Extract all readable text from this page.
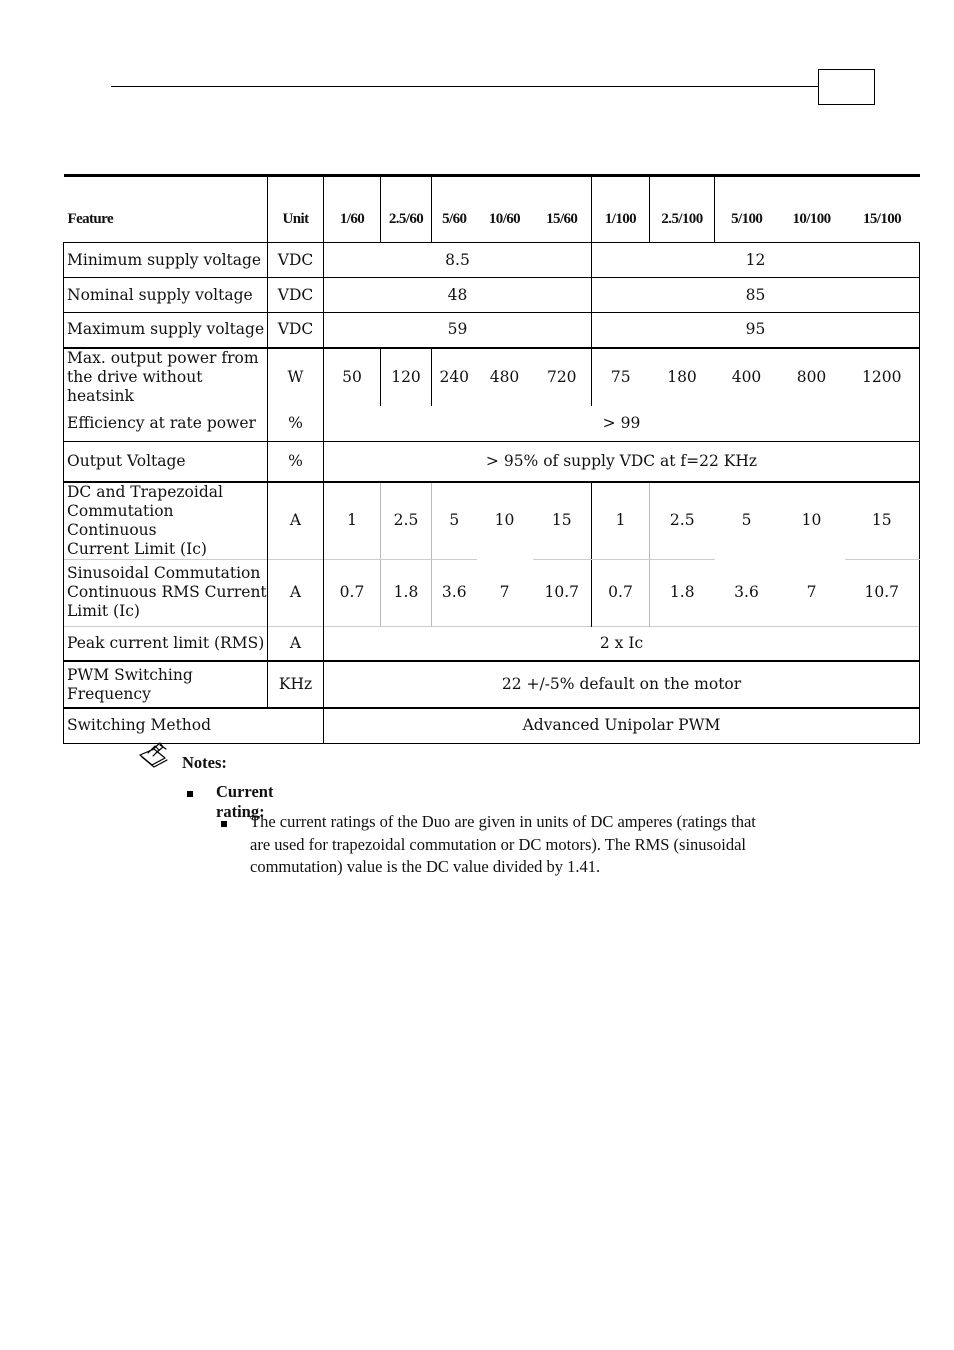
Feature	Unit	1/60	2.5/60	5/60	10/60	15/60	1/100	2.5/100	5/100	10/100	15/100
Minimum supply voltage	VDC	8.5					12				
Nominal supply voltage	VDC	48					85				
Maximum supply voltage	VDC	59					95				
Max. output power from
the drive without heatsink	W	50	120	240	480	720	75	180	400	800	1200
Efficiency at rate power	%	> 99									
Output Voltage	%	> 95% of supply VDC at f=22 KHz									
DC and Trapezoidal
Commutation Continuous
Current Limit (Ic)	A	1	2.5	5	10	15	1	2.5	5	10	15
Sinusoidal Commutation
Continuous RMS Current
Limit (Ic)	A	0.7	1.8	3.6	7	10.7	0.7	1.8	3.6	7	10.7
Peak current limit (RMS)	A	2 x Ic									
PWM Switching
Frequency	KHz	22 +/-5% default on the motor									
Switching Method		Advanced Unipolar PWM									
Notes:
Current rating:
The current ratings of the Duo are given in units of DC amperes (ratings that
are used for trapezoidal commutation or DC motors). The RMS (sinusoidal
commutation) value is the DC value divided by 1.41.
